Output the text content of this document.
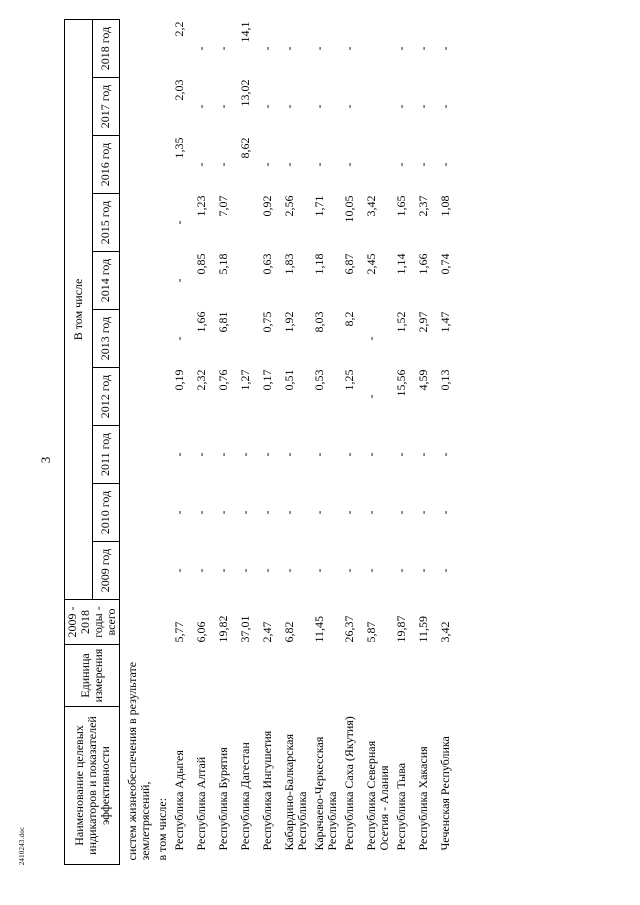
3
2410243.doc
Наименование целевых индикаторов и показателей эффективности	Единица измерения	2009 - 2018 годы - всего	В том числе									
			2009 год	2010 год	2011 год	2012 год	2013 год	2014 год	2015 год	2016 год	2017 год	2018 год
систем жизнеобеспечения в результате землетрясений,												
в том числе:												
Республика Адыгея		5,77	-	-	-	0,19	-	-	-	1,35	2,03	2,2
Республика Алтай		6,06	-	-	-	2,32	1,66	0,85	1,23	-	-	-
Республика Бурятия		19,82	-	-	-	0,76	6,81	5,18	7,07	-	-	-
Республика Дагестан		37,01	-	-	-	1,27				8,62	13,02	14,1
Республика Ингушетия		2,47	-	-	-	0,17	0,75	0,63	0,92	-	-	-
Кабардино-Балкарская Республика		6,82	-	-	-	0,51	1,92	1,83	2,56	-	-	-
Карачаево-Черкесская Республика		11,45	-	-	-	0,53	8,03	1,18	1,71	-	-	-
Республика Саха (Якутия)		26,37	-	-	-	1,25	8,2	6,87	10,05	-	-	-
Республика Северная Осетия - Алания		5,87	-	-	-	-	-	2,45	3,42			
Республика Тыва		19,87	-	-	-	15,56	1,52	1,14	1,65	-	-	-
Республика Хакасия		11,59	-	-	-	4,59	2,97	1,66	2,37	-	-	-
Чеченская Республика		3,42	-	-	-	0,13	1,47	0,74	1,08	-	-	-
